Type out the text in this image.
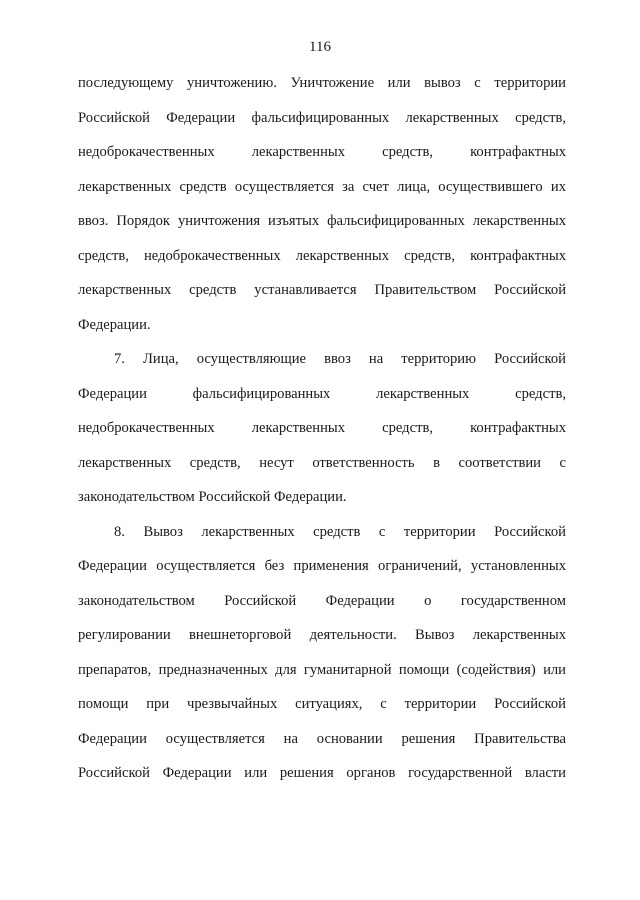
116
последующему уничтожению. Уничтожение или вывоз с территории
Российской Федерации фальсифицированных лекарственных средств,
недоброкачественных лекарственных средств, контрафактных
лекарственных средств осуществляется за счет лица, осуществившего их
ввоз. Порядок уничтожения изъятых фальсифицированных лекарственных
средств, недоброкачественных лекарственных средств, контрафактных
лекарственных средств устанавливается Правительством Российской
Федерации.
7. Лица, осуществляющие ввоз на территорию Российской
Федерации фальсифицированных лекарственных средств,
недоброкачественных лекарственных средств, контрафактных
лекарственных средств, несут ответственность в соответствии с
законодательством Российской Федерации.
8. Вывоз лекарственных средств с территории Российской
Федерации осуществляется без применения ограничений, установленных
законодательством Российской Федерации о государственном
регулировании внешнеторговой деятельности. Вывоз лекарственных
препаратов, предназначенных для гуманитарной помощи (содействия) или
помощи при чрезвычайных ситуациях, с территории Российской
Федерации осуществляется на основании решения Правительства
Российской Федерации или решения органов государственной власти
